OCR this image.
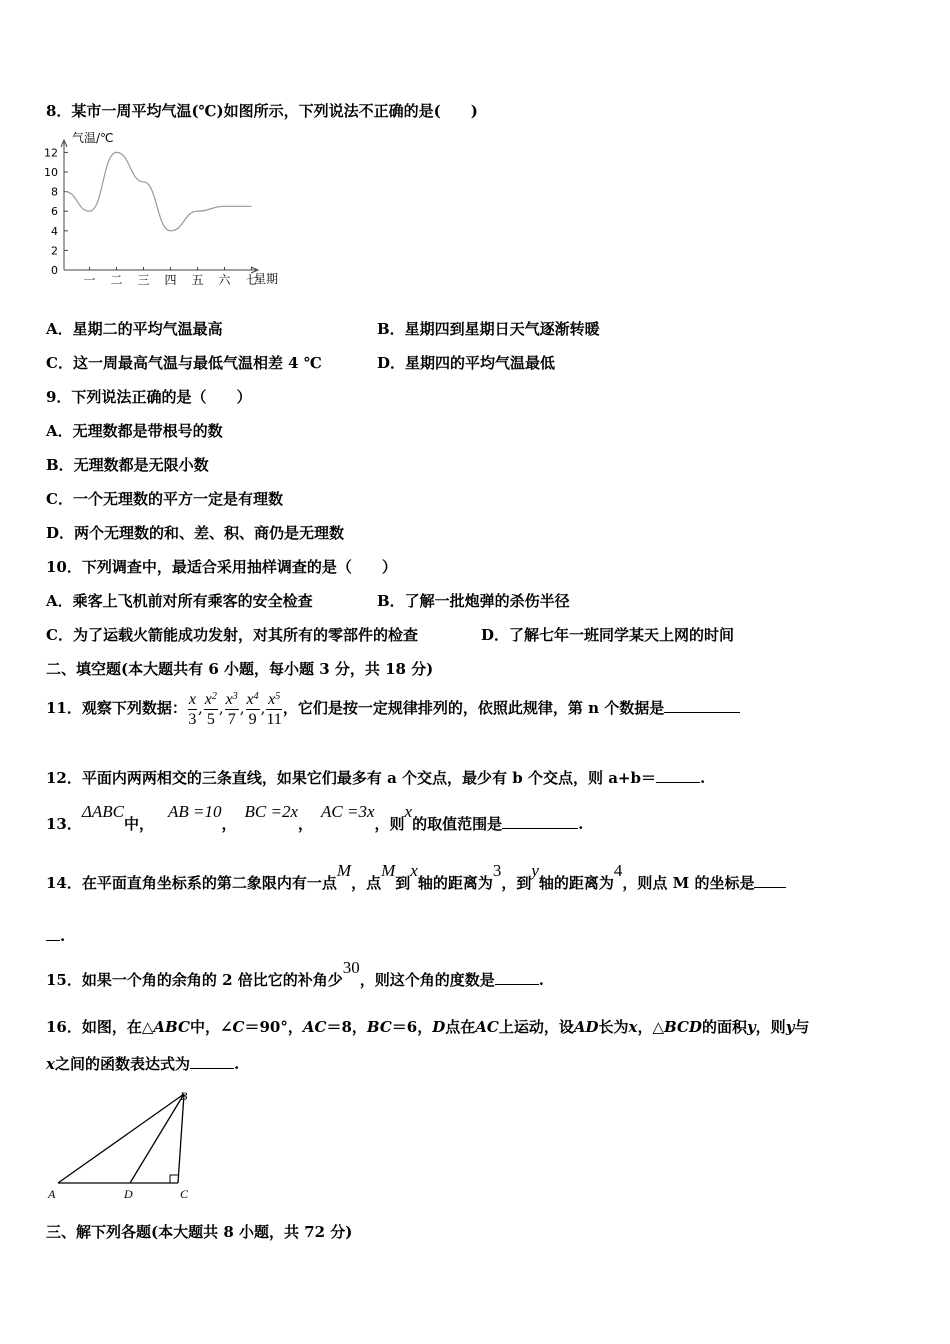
8．某市一周平均气温(℃)如图所示，下列说法不正确的是(　　)
0
2
4
6
8
10
12
一 二 三 四 五 六 七
气温/℃
星期
A．星期二的平均气温最高	B．星期四到星期日天气逐渐转暖
C．这一周最高气温与最低气温相差 4 ℃	D．星期四的平均气温最低
9．下列说法正确的是（　　）
A．无理数都是带根号的数
B．无理数都是无限小数
C．一个无理数的平方一定是有理数
D．两个无理数的和、差、积、商仍是无理数
10．下列调查中，最适合采用抽样调查的是（　　）
A．乘客上飞机前对所有乘客的安全检查	B．了解一批炮弹的杀伤半径
C．为了运载火箭能成功发射，对其所有的零部件的检查	D．了解七年一班同学某天上网的时间
二、填空题(本大题共有 6 小题，每小题 3 分，共 18 分)
11．观察下列数据： $\frac{x}{3}$ , $\frac{x^2}{5}$ , $\frac{x^3}{7}$ , $\frac{x^4}{9}$ , $\frac{x^5}{11}$ ，它们是按一定规律排列的，依照此规律，第 n 个数据是
12．平面内两两相交的三条直线，如果它们最多有 a 个交点，最少有 b 个交点，则 a+b＝	.
13．ΔABC中，AB =10，BC =2x，AC =3x，则x的取值范围是	.
14．在平面直角坐标系的第二象限内有一点M，点M到x轴的距离为3，到y轴的距离为4，则点 M 的坐标是
.
15．如果一个角的余角的 2 倍比它的补角少30，则这个角的度数是	.
16．如图，在△ABC中，∠C＝90°，AC＝8，BC＝6，D点在AC上运动，设AD长为x，△BCD的面积y，则y与
x之间的函数表达式为	.
A
B
C
D
三、解下列各题(本大题共 8 小题，共 72 分)
